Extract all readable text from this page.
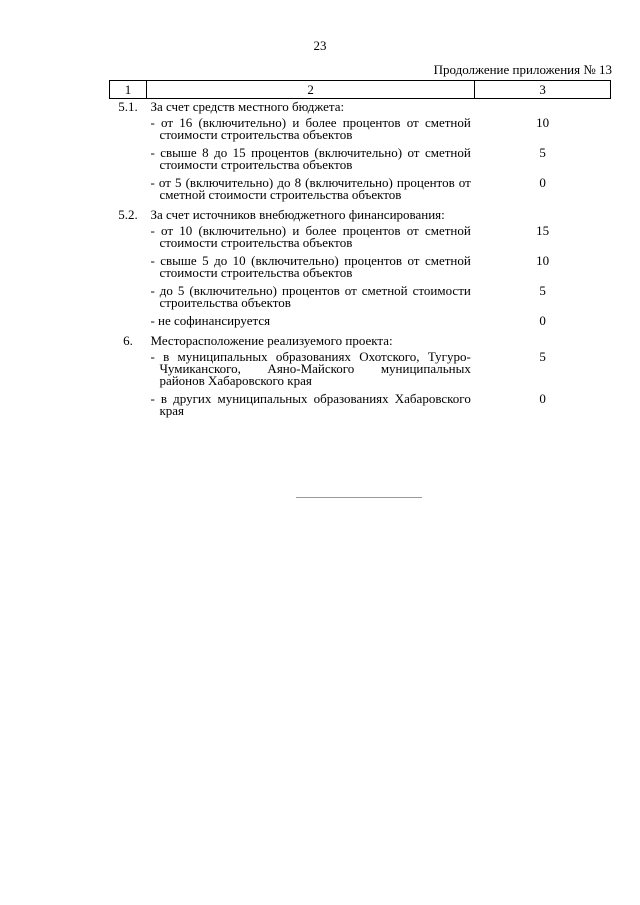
23
Продолжение приложения № 13
1	2	3
5.1.	За счет средств местного бюджета:	

	- от 16 (включительно) и более процентов от сметной стоимости строительства объектов	10

	- свыше 8 до 15 процентов (включительно) от сметной стоимости строительства объектов	5

	- от 5 (включительно) до 8 (включительно) процентов от сметной стоимости строительства объектов	0

5.2.	За счет источников внебюджетного финансирования:	

	- от 10 (включительно) и более процентов от сметной стоимости строительства объектов	15

	- свыше 5 до 10 (включительно) процентов от сметной стоимости строительства объектов	10

	- до 5 (включительно) процентов от сметной стоимости строительства объектов	5

	- не софинансируется	0

6.	Месторасположение реализуемого проекта:	

	- в муниципальных образованиях Охотского, Тугуро-Чумиканского, Аяно-Майского муниципальных районов Хабаровского края	5

	- в других муниципальных образованиях Хабаровского края	0
